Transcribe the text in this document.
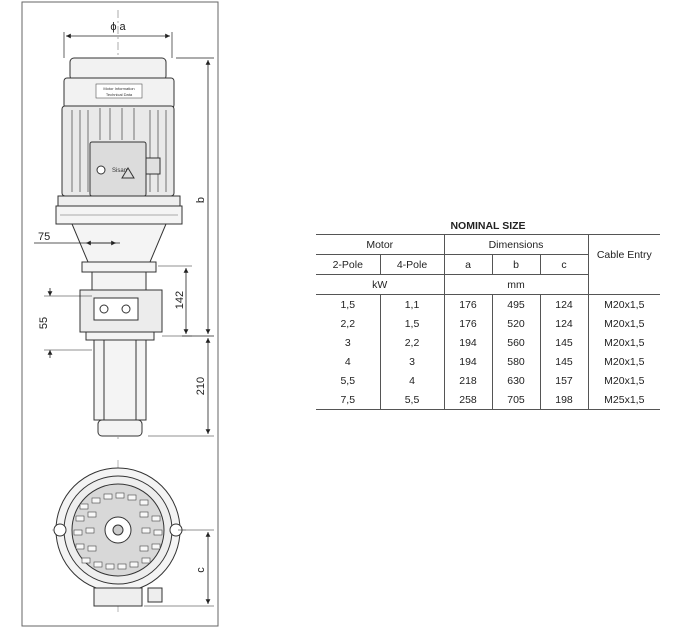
Motor Information
Technical Data
Sisan
ϕ a
b
75
55
142
210
c
NOMINAL SIZE
Motor		Dimensions			Cable Entry
2-Pole	4-Pole	a	b	c	
kW		mm			
1,5	1,1	176	495	124	M20x1,5
2,2	1,5	176	520	124	M20x1,5
3	2,2	194	560	145	M20x1,5
4	3	194	580	145	M20x1,5
5,5	4	218	630	157	M20x1,5
7,5	5,5	258	705	198	M25x1,5
